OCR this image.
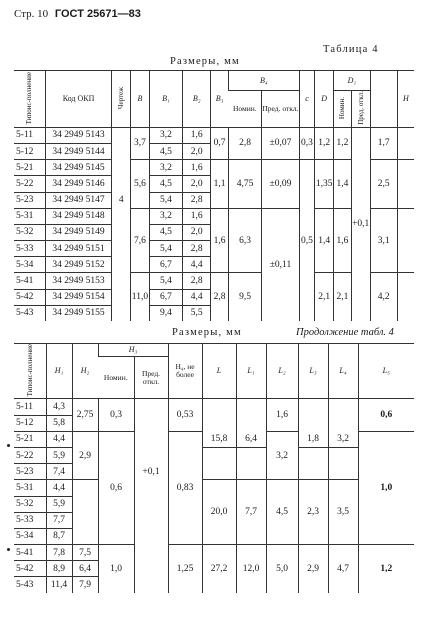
Стр. 10 ГОСТ 25671—83
Размеры, мм
Таблица 4
Типоис-полнение	Код ОКП	Чертеж	B	B₁	B₂	B₃	B₄		c	D	D₁			H
							Номин.	Пред. откл.			Номин.	Пред. откл.		
5-11	34 2949 5143	4	3,7	3,2	1,6	0,7	2,8	±0,07	0,3	1,2	1,2	+0,1	1,7	
5-12	34 2949 5144			4,5	2,0									
5-21	34 2949 5145		5,6	3,2	1,6	1,1	4,75	±0,09	0,5	1,35	1,4		2,5	
5-22	34 2949 5146			4,5	2,0									
5-23	34 2949 5147			5,4	2,8									
5-31	34 2949 5148		7,6	3,2	1,6	1,6	6,3	±0,11		1,4	1,6		3,1	
5-32	34 2949 5149			4,5	2,0									
5-33	34 2949 5151			5,4	2,8									
5-34	34 2949 5152			6,7	4,4									
5-41	34 2949 5153		11,0	5,4	2,8	2,8	9,5			2,1	2,1		4,2	
5-42	34 2949 5154			6,7	4,4									
5-43	34 2949 5155			9,4	5,5									
Размеры, мм	Продолжение табл. 4
Типоис-полнение	H₁	H₂	H₃		H₄, не более	L	L₁	L₂	L₃	L₄	L₅
			Номин.	Пред. откл.							
5-11	4,3	2,75	0,3	+0,1	0,53			1,6			0,6
5-12	5,8										
5-21	4,4	2,9	0,6		0,83	15,8	6,4	3,2	1,8	3,2	1,0
5-22	5,9										
5-23	7,4										
5-31	4,4					20,0	7,7	4,5	2,3	3,5	
5-32	5,9										
5-33	7,7										
5-34	8,7										
5-41	7,8	7,5	1,0		1,25	27,2	12,0	5,0	2,9	4,7	1,2
5-42	8,9	6,4									
5-43	11,4	7,9									
